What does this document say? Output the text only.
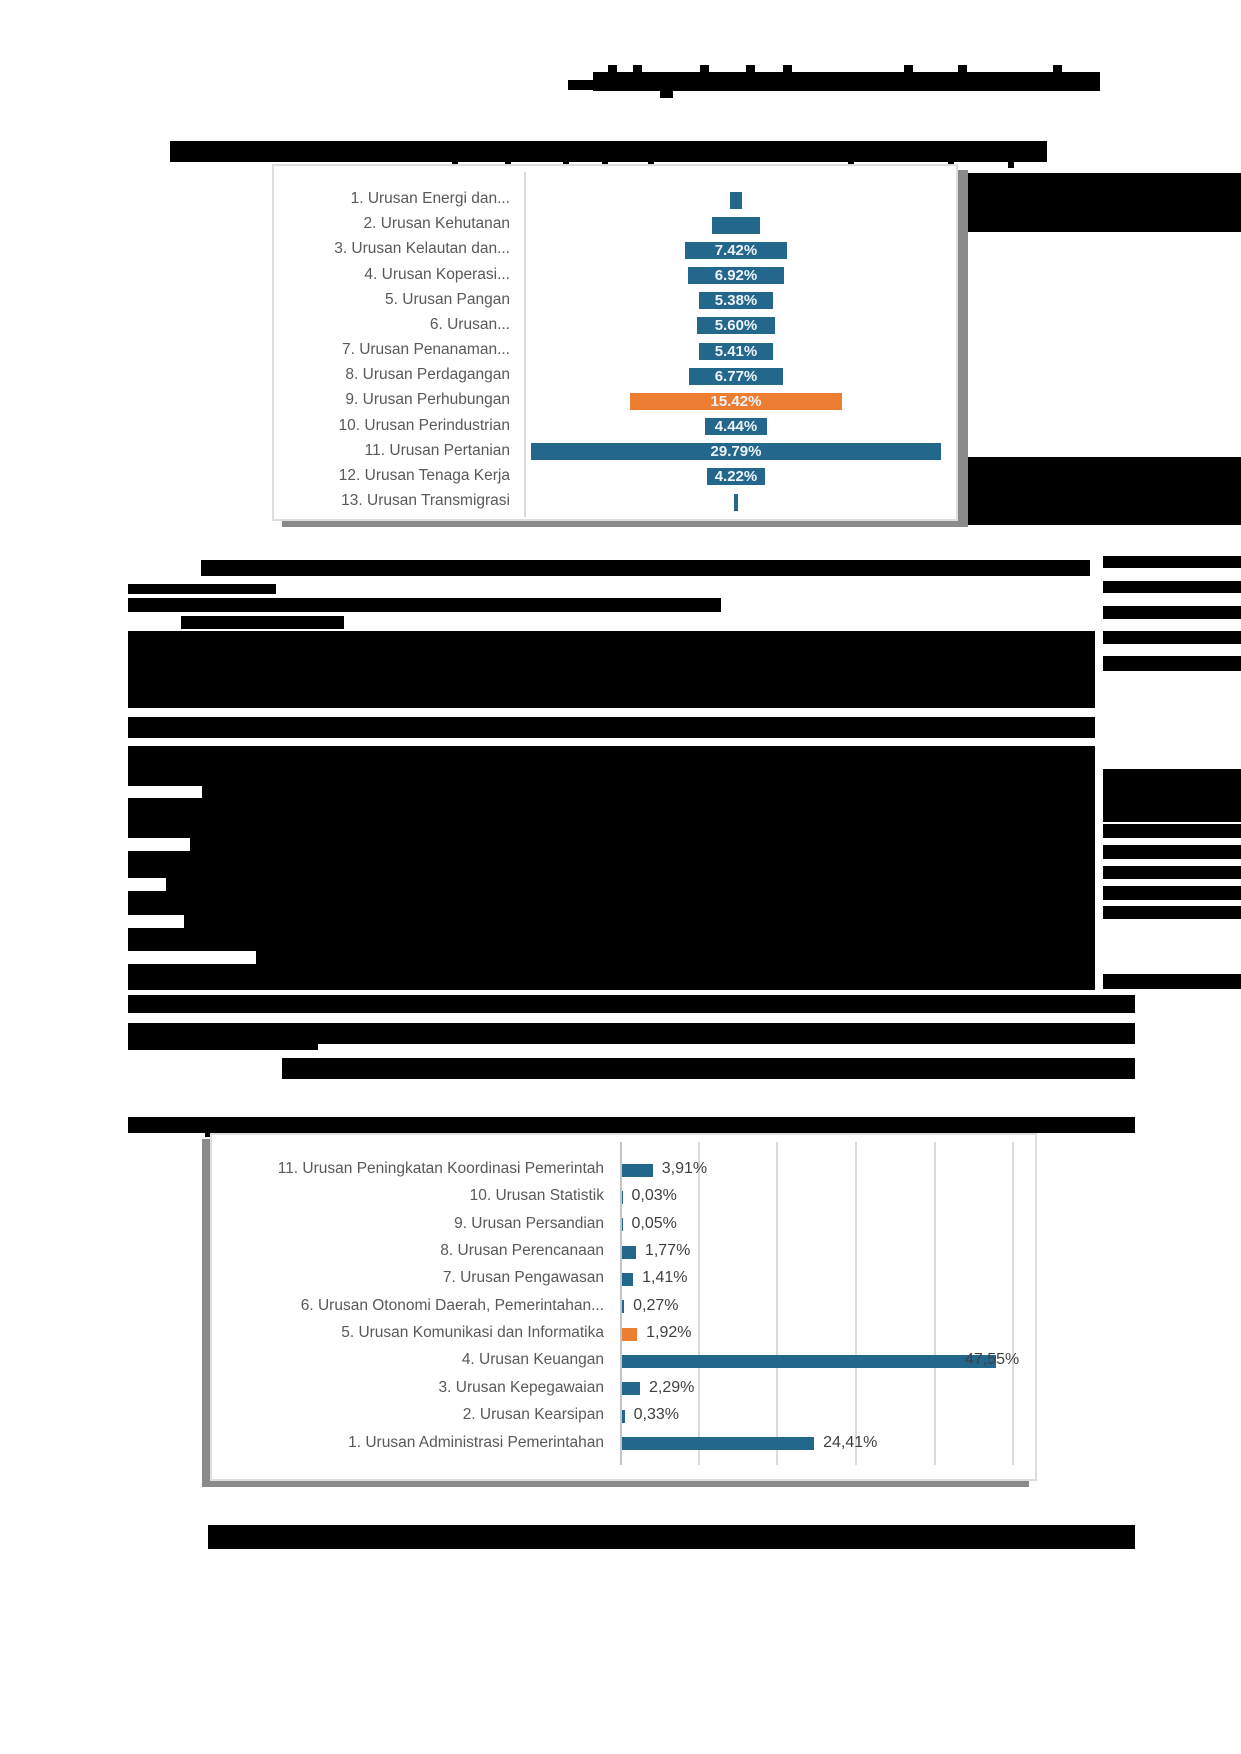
1. Urusan Energi dan...
2. Urusan Kehutanan
3. Urusan Kelautan dan...	7.42%
4. Urusan Koperasi...	6.92%
5. Urusan Pangan	5.38%
6. Urusan...	5.60%
7. Urusan Penanaman...	5.41%
8. Urusan Perdagangan	6.77%
9. Urusan Perhubungan	15.42%
10. Urusan Perindustrian	4.44%
11. Urusan Pertanian	29.79%
12. Urusan Tenaga Kerja	4.22%
13. Urusan Transmigrasi
11. Urusan Peningkatan Koordinasi Pemerintah	3,91%
10. Urusan Statistik 0,03%
9. Urusan Persandian 0,05%
8. Urusan Perencanaan	1,77%
7. Urusan Pengawasan 1,41%
6. Urusan Otonomi Daerah, Pemerintahan... 0,27%
5. Urusan Komunikasi dan Informatika	1,92%
4. Urusan Keuangan	47,55%
3. Urusan Kepegawaian	2,29%
2. Urusan Kearsipan 0,33%
1. Urusan Administrasi Pemerintahan	24,41%
